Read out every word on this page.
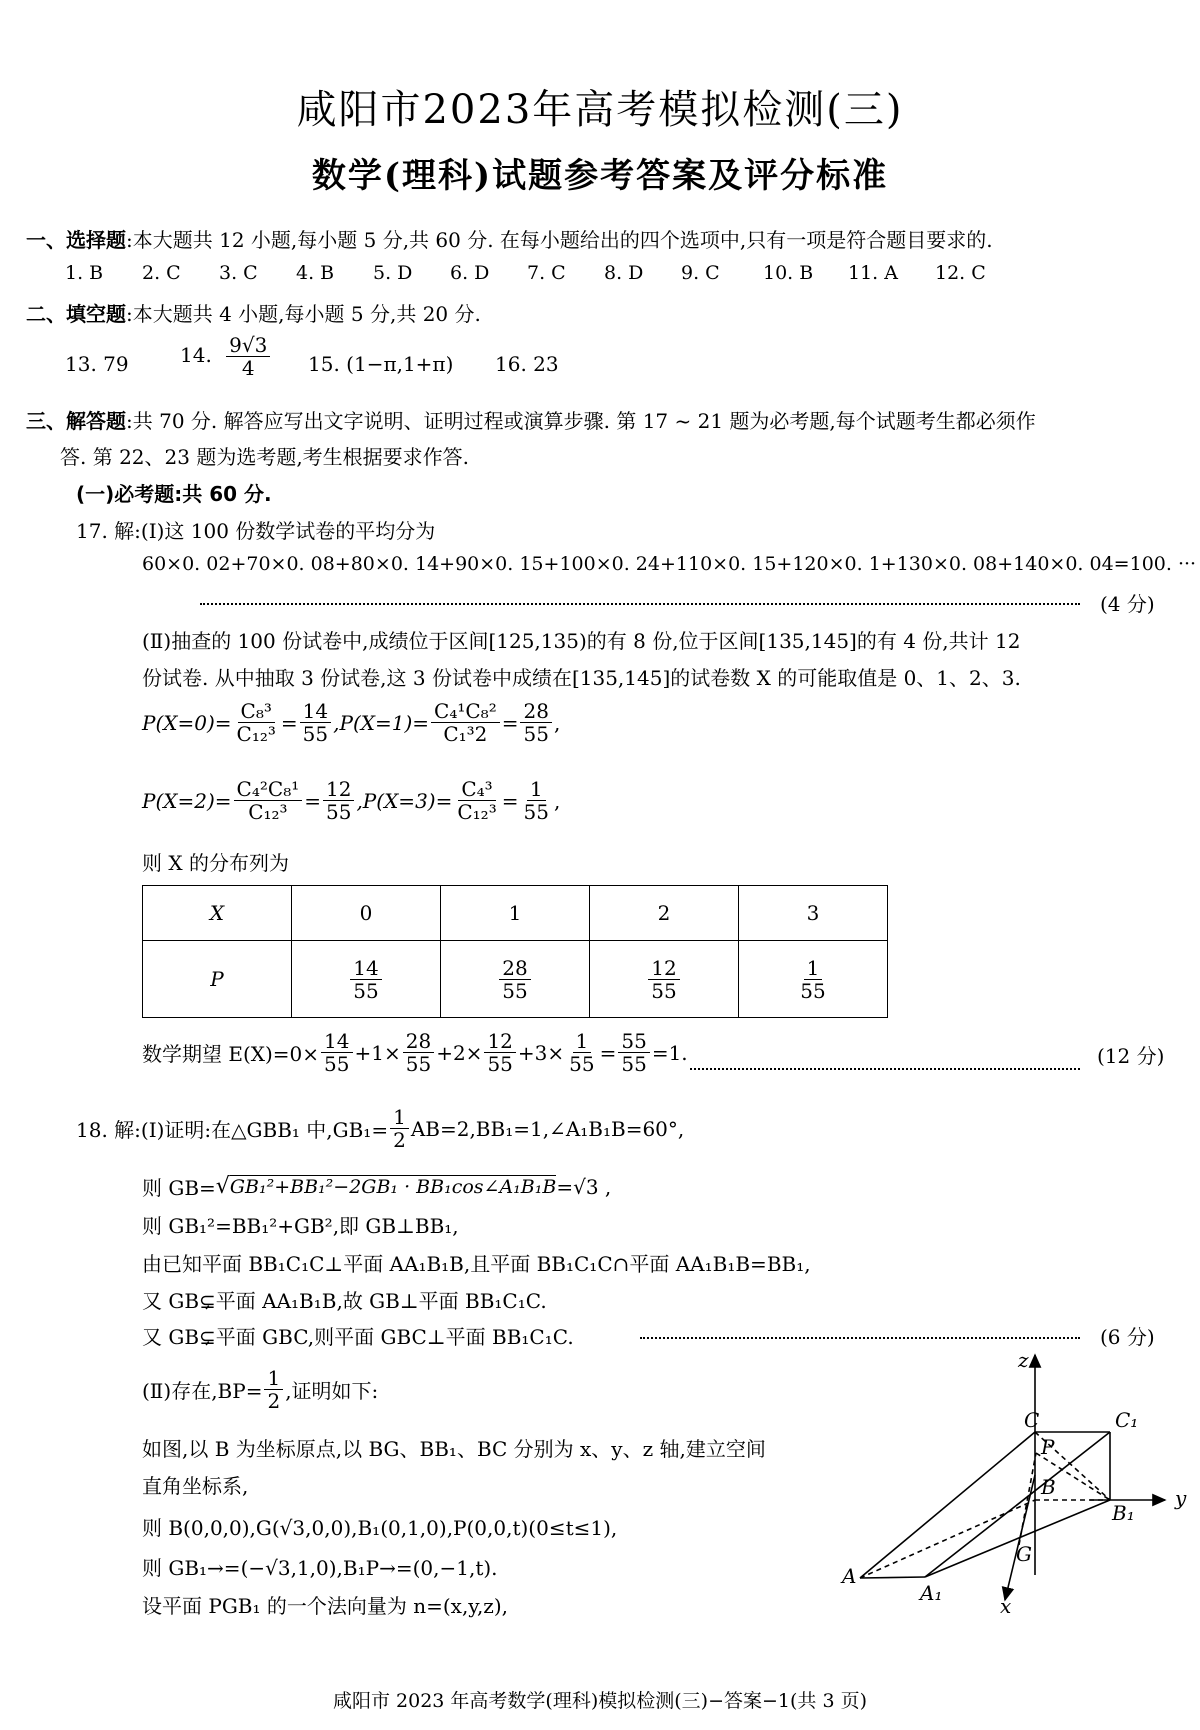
咸阳市2023年高考模拟检测(三)
数学(理科)试题参考答案及评分标准
一、选择题:本大题共 12 小题,每小题 5 分,共 60 分. 在每小题给出的四个选项中,只有一项是符合题目要求的.
1. B 2. C 3. C 4. B 5. D 6. D 7. C 8. D 9. C 10. B 11. A 12. C
二、填空题:本大题共 4 小题,每小题 5 分,共 20 分.
13. 79	14. $\frac{9√3}{4} 15$. (1−π,1+π) 16. 23
三、解答题:共 70 分. 解答应写出文字说明、证明过程或演算步骤. 第 17 ~ 21 题为必考题,每个试题考生都必须作
答. 第 22、23 题为选考题,考生根据要求作答.
(一)必考题:共 60 分.
17. 解:(Ⅰ)这 100 份数学试卷的平均分为
60×0. 02+70×0. 08+80×0. 14+90×0. 15+100×0. 24+110×0. 15+120×0. 1+130×0. 08+140×0. 04=100. ···
(4 分)
(Ⅱ)抽查的 100 份试卷中,成绩位于区间[125,135)的有 8 份,位于区间[135,145]的有 4 份,共计 12
份试卷. 从中抽取 3 份试卷,这 3 份试卷中成绩在[135,145]的试卷数 X 的可能取值是 0、1、2、3.
$P(X=0)= \frac{\text{C₈³}}{\text{C₁₂³}} = \frac{14}{55} ,P(X=1)= \frac{\text{C₄¹C₈²}}{\text{C₁³2}} = \frac{28}{55}$ ,
$P(X=2)= \frac{\text{C₄²C₈¹}}{\text{C₁₂³}} = \frac{12}{55} ,P(X=3)= \frac{\text{C₄³}}{\text{C₁₂³}} = \frac{1}{55}$ ,
则 X 的分布列为
X	0	1	2	3
P	$\frac{14}{55}$	$\frac{28}{55}$	$\frac{12}{55}$	$\frac{1}{55}$
数学期望 $E(X)=0\times \frac{14}{55} +1\times \frac{28}{55} +2\times \frac{12}{55} +3\times \frac{1}{55} = \frac{55}{55} =1$.	(12 分)
18. 解:(Ⅰ)证明:在△GBB₁ 中$,GB_1= \frac{1}{2}$ AB=2,BB₁=1,∠A₁B₁B=60°,
则 GB= √ GB₁²+BB₁²−2GB₁ · BB₁cos∠A₁B₁B =√3 ,
则 GB₁²=BB₁²+GB²,即 GB⊥BB₁,
由已知平面 BB₁C₁C⊥平面 AA₁B₁B,且平面 BB₁C₁C∩平面 AA₁B₁B=BB₁,
又 GB⊊平面 AA₁B₁B,故 GB⊥平面 BB₁C₁C.
又 GB⊊平面 GBC,则平面 GBC⊥平面 BB₁C₁C.	(6 分)
(Ⅱ)存在$,BP= \frac{1}{2}$ ,证明如下:
如图,以 B 为坐标原点,以 BG、BB₁、BC 分别为 x、y、z 轴,建立空间
直角坐标系,
则 B(0,0,0),G(√3,0,0),B₁(0,1,0),P(0,0,t)(0≤t≤1),
则 GB₁→=(−√3,1,0),B₁P→=(0,−1,t).
设平面 PGB₁ 的一个法向量为 n=(x,y,z),
z
y
x
C	C₁
P
B
B₁
G
A
A₁
咸阳市 2023 年高考数学(理科)模拟检测(三)−答案−1(共 3 页)
